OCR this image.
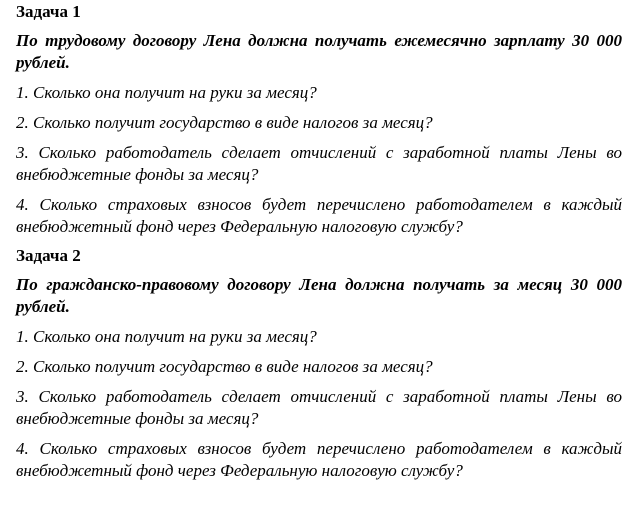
Задача 1

По трудовому договору Лена должна получать ежемесячно зарплату 30 000 рублей.

1. Сколько она получит на руки за месяц?

2. Сколько получит государство в виде налогов за месяц?

3. Сколько работодатель сделает отчислений с заработной платы Лены во внебюджетные фонды за месяц?

4. Сколько страховых взносов будет перечислено работодателем в каждый внебюджетный фонд через Федеральную налоговую службу?

Задача 2

По гражданско-правовому договору Лена должна получать за месяц 30 000 рублей.

1. Сколько она получит на руки за месяц?

2. Сколько получит государство в виде налогов за месяц?

3. Сколько работодатель сделает отчислений с заработной платы Лены во внебюджетные фонды за месяц?

4. Сколько страховых взносов будет перечислено работодателем в каждый внебюджетный фонд через Федеральную налоговую службу?
